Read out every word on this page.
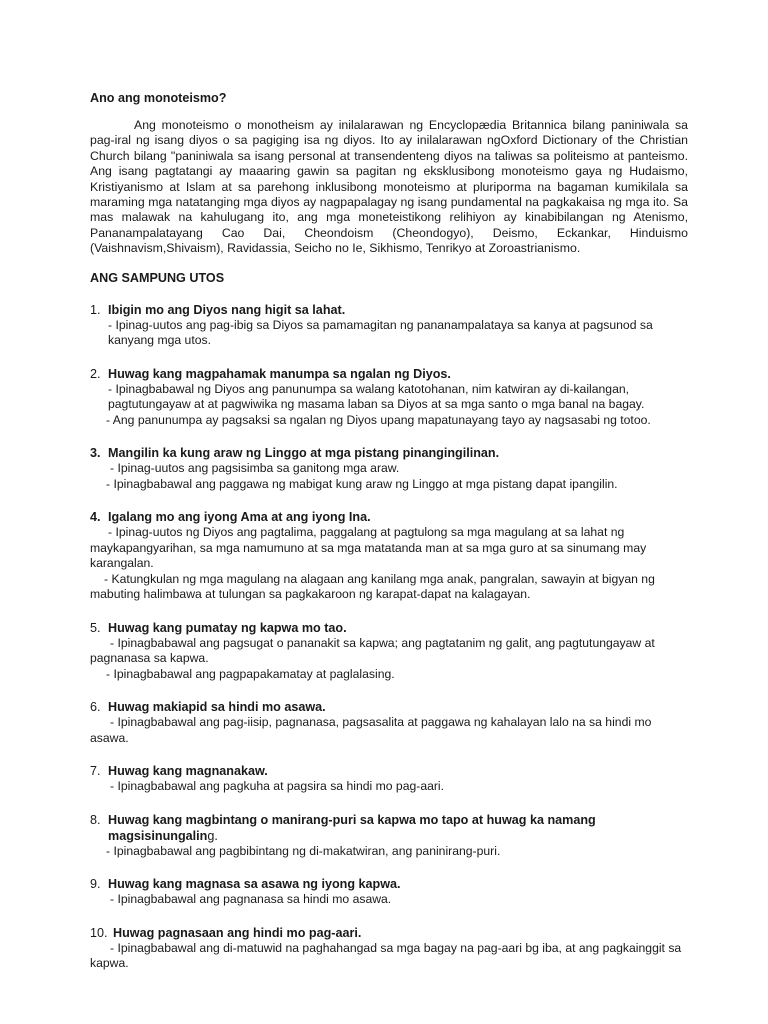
Ano ang monoteismo?

Ang monoteismo o monotheism ay inilalarawan ng Encyclopædia Britannica bilang paniniwala sa pag-iral ng isang diyos o sa pagiging isa ng diyos. Ito ay inilalarawan ngOxford Dictionary of the Christian Church bilang "paniniwala sa isang personal at transendenteng diyos na taliwas sa politeismo at panteismo. Ang isang pagtatangi ay maaaring gawin sa pagitan ng eksklusibong monoteismo gaya ng Hudaismo, Kristiyanismo at Islam at sa parehong inklusibong monoteismo at pluriporma na bagaman kumikilala sa maraming mga natatanging mga diyos ay nagpapalagay ng isang pundamental na pagkakaisa ng mga ito. Sa mas malawak na kahulugang ito, ang mga moneteistikong relihiyon ay kinabibilangan ng Atenismo, Pananampalatayang Cao Dai, Cheondoism (Cheondogyo), Deismo, Eckankar, Hinduismo (Vaishnavism,Shivaism), Ravidassia, Seicho no Ie, Sikhismo, Tenrikyo at Zoroastrianismo.

ANG SAMPUNG UTOS

1. Ibigin mo ang Diyos nang higit sa lahat.

- Ipinag-uutos ang pag-ibig sa Diyos sa pamamagitan ng pananampalataya sa kanya at pagsunod sa kanyang mga utos.

2. Huwag kang magpahamak manumpa sa ngalan ng Diyos.

- Ipinagbabawal ng Diyos ang panunumpa sa walang katotohanan, nim katwiran ay di-kailangan, pagtutungayaw at at pagwiwika ng masama laban sa Diyos at sa mga santo o mga banal na bagay.

- Ang panunumpa ay pagsaksi sa ngalan ng Diyos upang mapatunayang tayo ay nagsasabi ng totoo.

3. Mangilin ka kung araw ng Linggo at mga pistang pinangingilinan.

- Ipinag-uutos ang pagsisimba sa ganitong mga araw.

- Ipinagbabawal ang paggawa ng mabigat kung araw ng Linggo at mga pistang dapat ipangilin.

4. Igalang mo ang iyong Ama at ang iyong Ina.

- Ipinag-uutos ng Diyos ang pagtalima, paggalang at pagtulong sa mga magulang at sa lahat ng maykapangyarihan, sa mga namumuno at sa mga matatanda man at sa mga guro at sa sinumang may karangalan.

- Katungkulan ng mga magulang na alagaan ang kanilang mga anak, pangralan, sawayin at bigyan ng mabuting halimbawa at tulungan sa pagkakaroon ng karapat-dapat na kalagayan.

5. Huwag kang pumatay ng kapwa mo tao.

- Ipinagbabawal ang pagsugat o pananakit sa kapwa; ang pagtatanim ng galit, ang pagtutungayaw at pagnanasa sa kapwa.

- Ipinagbabawal ang pagpapakamatay at paglalasing.

6. Huwag makiapid sa hindi mo asawa.

- Ipinagbabawal ang pag-iisip, pagnanasa, pagsasalita at paggawa ng kahalayan lalo na sa hindi mo asawa.

7. Huwag kang magnanakaw.

- Ipinagbabawal ang pagkuha at pagsira sa hindi mo pag-aari.

8. Huwag kang magbintang o manirang-puri sa kapwa mo tapo at huwag ka namang magsisinungaling.

- Ipinagbabawal ang pagbibintang ng di-makatwiran, ang paninirang-puri.

9. Huwag kang magnasa sa asawa ng iyong kapwa.

- Ipinagbabawal ang pagnanasa sa hindi mo asawa.

10. Huwag pagnasaan ang hindi mo pag-aari.

- Ipinagbabawal ang di-matuwid na paghahangad sa mga bagay na pag-aari bg iba, at ang pagkainggit sa kapwa.
